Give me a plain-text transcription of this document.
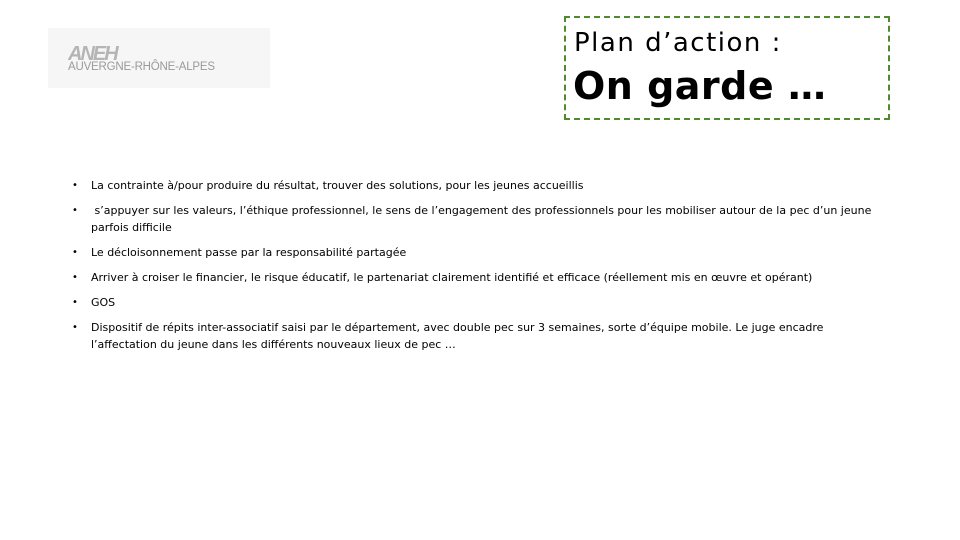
ANEH
AUVERGNE-RHÔNE-ALPES
Plan d’action :
On garde …
• La contrainte à/pour produire du résultat, trouver des solutions, pour les jeunes accueillis
• s’appuyer sur les valeurs, l’éthique professionnel, le sens de l’engagement des professionnels pour les mobiliser autour de la pec d’un jeune parfois difficile
• Le décloisonnement passe par la responsabilité partagée
• Arriver à croiser le financier, le risque éducatif, le partenariat clairement identifié et efficace (réellement mis en œuvre et opérant)
• GOS
• Dispositif de répits inter-associatif saisi par le département, avec double pec sur 3 semaines, sorte d’équipe mobile. Le juge encadre l’affectation du jeune dans les différents nouveaux lieux de pec …
